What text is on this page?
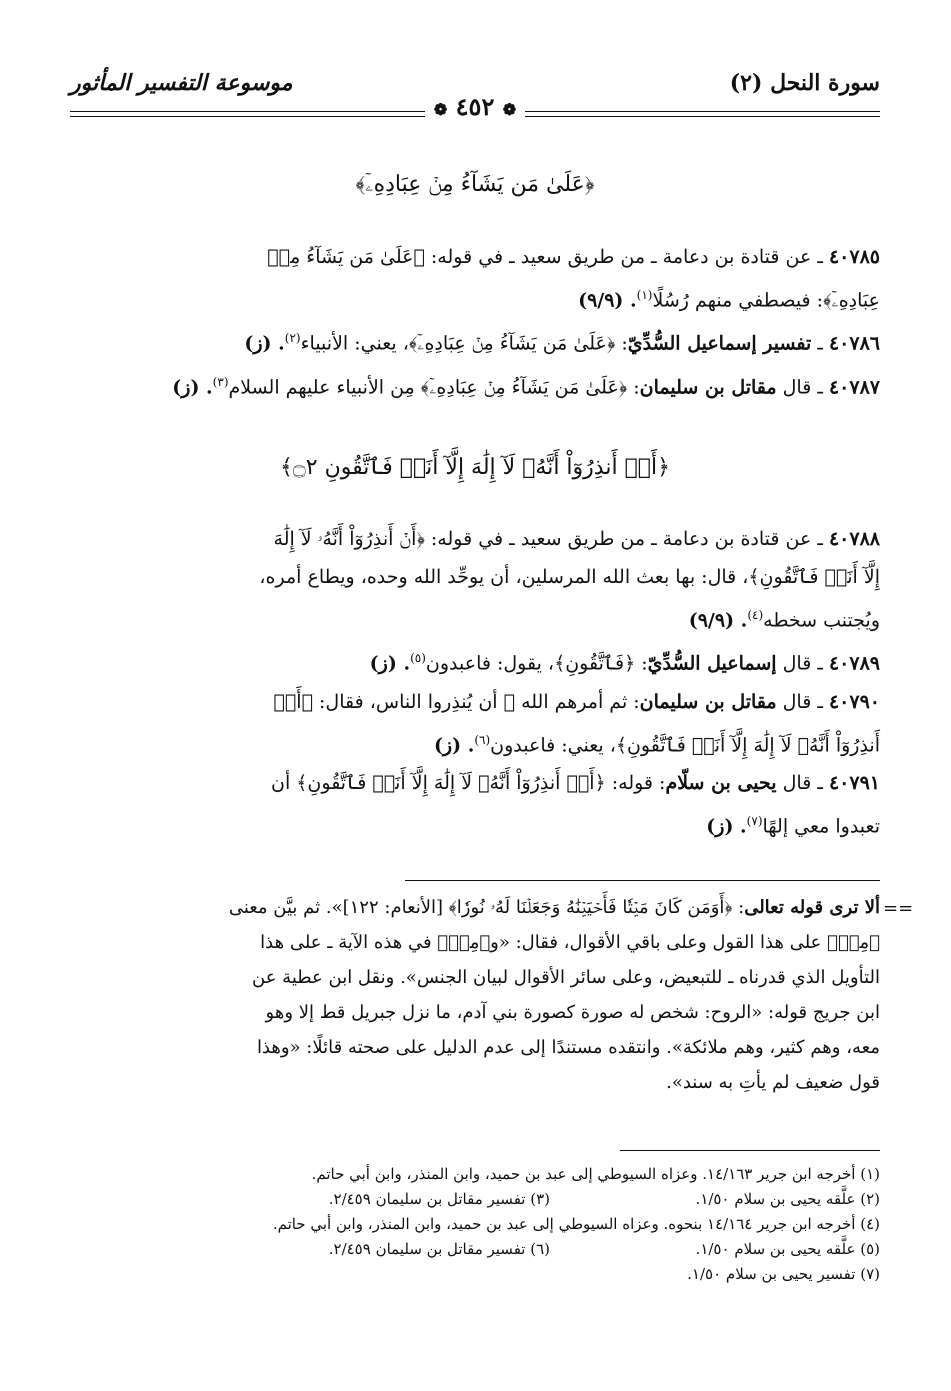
سورة النحل (٢)
موسوعة التفسير المأثور
❁ ٤٥٢ ❁
﴿عَلَىٰ مَن يَشَآءُ مِنۡ عِبَادِهِۦٓ﴾
٤٠٧٨٥ ـ عن قتادة بن دعامة ـ من طريق سعيد ـ في قوله: ﴿عَلَىٰ مَن يَشَآءُ مِنۡ
عِبَادِهِۦٓ﴾: فيصطفي منهم رُسُلًا$^{(١)}$. (٩/٩)
٤٠٧٨٦ ـ تفسير إسماعيل السُّدِّيّ: ﴿عَلَىٰ مَن يَشَآءُ مِنۡ عِبَادِهِۦٓ﴾، يعني: الأنبياء$^{(٢)}$. (ز)
٤٠٧٨٧ ـ قال مقاتل بن سليمان: ﴿عَلَىٰ مَن يَشَآءُ مِنۡ عِبَادِهِۦٓ﴾ مِن الأنبياء عليهم السلام$^{(٣)}$. (ز)
﴿أَنۡ أَنذِرُوٓاْ أَنَّهُۥ لَآ إِلَٰهَ إِلَّآ أَنَا۠ فَٱتَّقُونِ ۝٢﴾
٤٠٧٨٨ ـ عن قتادة بن دعامة ـ من طريق سعيد ـ في قوله: ﴿أَنۡ أَنذِرُوٓاْ أَنَّهُۥ لَآ إِلَٰهَ
إِلَّآ أَنَا۠ فَٱتَّقُونِ﴾، قال: بها بعث الله المرسلين، أن يوحِّد الله وحده، ويطاع أمره،
ويُجتنب سخطه$^{(٤)}$. (٩/٩)
٤٠٧٨٩ ـ قال إسماعيل السُّدِّيّ: ﴿فَٱتَّقُونِ﴾، يقول: فاعبدون$^{(٥)}$. (ز)
٤٠٧٩٠ ـ قال مقاتل بن سليمان: ثم أمرهم الله ﷻ أن يُنذِروا الناس، فقال: ﴿أَنۡ
أَنذِرُوٓاْ أَنَّهُۥ لَآ إِلَٰهَ إِلَّآ أَنَا۠ فَٱتَّقُونِ﴾، يعني: فاعبدون$^{(٦)}$. (ز)
٤٠٧٩١ ـ قال يحيى بن سلّام: قوله: ﴿أَنۡ أَنذِرُوٓاْ أَنَّهُۥ لَآ إِلَٰهَ إِلَّآ أَنَا۠ فَٱتَّقُونِ﴾ أن
تعبدوا معي إلهًا$^{(٧)}$. (ز)
==
ألا ترى قوله تعالى: ﴿أَوَمَن كَانَ مَيۡتٗا فَأَحۡيَيۡنَٰهُ وَجَعَلۡنَا لَهُۥ نُورٗا﴾ [الأنعام: ١٢٢]». ثم بيَّن معنى
﴿مِنۡ﴾ على هذا القول وعلى باقي الأقوال، فقال: «و﴿مِنۡ﴾ في هذه الآية ـ على هذا
التأويل الذي قدرناه ـ للتبعيض، وعلى سائر الأقوال لبيان الجنس». ونقل ابن عطية عن
ابن جريج قوله: «الروح: شخص له صورة كصورة بني آدم، ما نزل جبريل قط إلا وهو
معه، وهم كثير، وهم ملائكة». وانتقده مستندًا إلى عدم الدليل على صحته قائلًا: «وهذا
قول ضعيف لم يأتِ به سند».
(١) أخرجه ابن جرير ١٤/١٦٣. وعزاه السيوطي إلى عبد بن حميد، وابن المنذر، وابن أبي حاتم.
(٢) علَّقه يحيى بن سلام ١/٥٠.
(٣) تفسير مقاتل بن سليمان ٢/٤٥٩.
(٤) أخرجه ابن جرير ١٤/١٦٤ بنحوه. وعزاه السيوطي إلى عبد بن حميد، وابن المنذر، وابن أبي حاتم.
(٥) علَّقه يحيى بن سلام ١/٥٠.
(٦) تفسير مقاتل بن سليمان ٢/٤٥٩.
(٧) تفسير يحيى بن سلام ١/٥٠.
